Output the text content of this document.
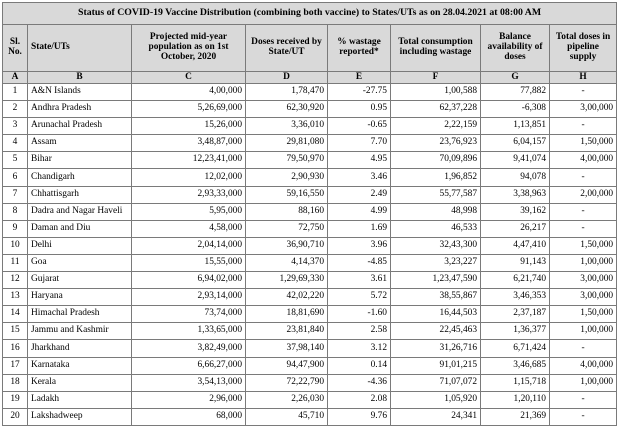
Status of COVID-19 Vaccine Distribution (combining both vaccine) to States/UTs as on 28.04.2021 at 08:00 AM							
Sl. No.	State/UTs	Projected mid-year population as on 1st October, 2020	Doses received by State/UT	% wastage reported*	Total consumption including wastage	Balance availability of doses	Total doses in pipeline supply
A	B	C	D	E	F	G	H
1	A&N Islands	4,00,000	1,78,470	-27.75	1,00,588	77,882	-
2	Andhra Pradesh	5,26,69,000	62,30,920	0.95	62,37,228	-6,308	3,00,000
3	Arunachal Pradesh	15,26,000	3,36,010	-0.65	2,22,159	1,13,851	-
4	Assam	3,48,87,000	29,81,080	7.70	23,76,923	6,04,157	1,50,000
5	Bihar	12,23,41,000	79,50,970	4.95	70,09,896	9,41,074	4,00,000
6	Chandigarh	12,02,000	2,90,930	3.46	1,96,852	94,078	-
7	Chhattisgarh	2,93,33,000	59,16,550	2.49	55,77,587	3,38,963	2,00,000
8	Dadra and Nagar Haveli	5,95,000	88,160	4.99	48,998	39,162	-
9	Daman and Diu	4,58,000	72,750	1.69	46,533	26,217	-
10	Delhi	2,04,14,000	36,90,710	3.96	32,43,300	4,47,410	1,50,000
11	Goa	15,55,000	4,14,370	-4.85	3,23,227	91,143	1,00,000
12	Gujarat	6,94,02,000	1,29,69,330	3.61	1,23,47,590	6,21,740	3,00,000
13	Haryana	2,93,14,000	42,02,220	5.72	38,55,867	3,46,353	3,00,000
14	Himachal Pradesh	73,74,000	18,81,690	-1.60	16,44,503	2,37,187	1,50,000
15	Jammu and Kashmir	1,33,65,000	23,81,840	2.58	22,45,463	1,36,377	1,00,000
16	Jharkhand	3,82,49,000	37,98,140	3.12	31,26,716	6,71,424	-
17	Karnataka	6,66,27,000	94,47,900	0.14	91,01,215	3,46,685	4,00,000
18	Kerala	3,54,13,000	72,22,790	-4.36	71,07,072	1,15,718	1,00,000
19	Ladakh	2,96,000	2,26,030	2.08	1,05,920	1,20,110	-
20	Lakshadweep	68,000	45,710	9.76	24,341	21,369	-
